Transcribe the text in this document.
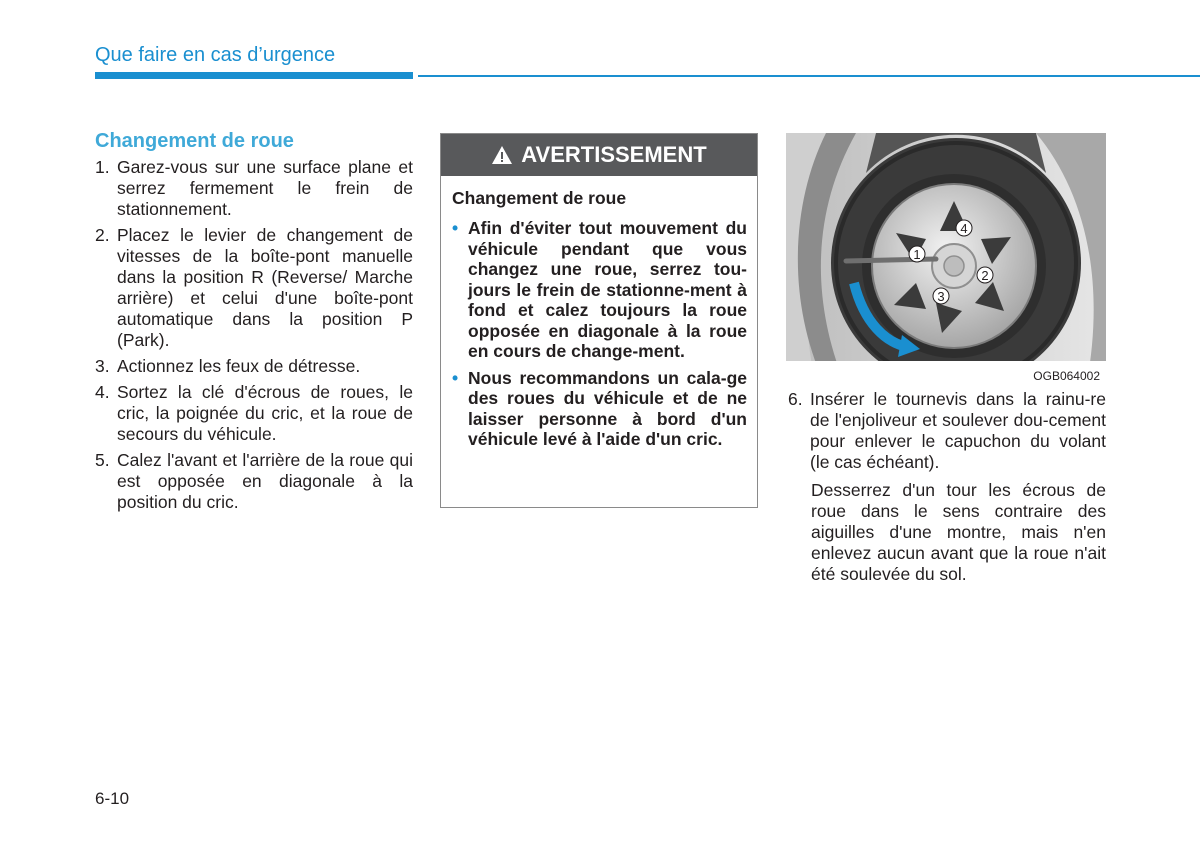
Que faire en cas d’urgence
Changement de roue
1. Garez-vous sur une surface plane et serrez fermement le frein de stationnement.
2. Placez le levier de changement de vitesses de la boîte-pont manuelle dans la position R (Reverse/ Marche arrière) et celui d'une boîte-pont automatique dans la position P (Park).
3. Actionnez les feux de détresse.
4. Sortez la clé d'écrous de roues, le cric, la poignée du cric, et la roue de secours du véhicule.
5. Calez l'avant et l'arrière de la roue qui est opposée en diagonale à la position du cric.
AVERTISSEMENT

Changement de roue

• Afin d'éviter tout mouvement du véhicule pendant que vous changez une roue, serrez tou-jours le frein de stationne-ment à fond et calez toujours la roue opposée en diagonale à la roue en cours de change-ment.
• Nous recommandons un cala-ge des roues du véhicule et de ne laisser personne à bord d'un véhicule levé à l'aide d'un cric.
1
2
3
4
OGB064002
6. Insérer le tournevis dans la rainu-re de l'enjoliveur et soulever dou-cement pour enlever le capuchon du volant (le cas échéant).

Desserrez d'un tour les écrous de roue dans le sens contraire des aiguilles d'une montre, mais n'en enlevez aucun avant que la roue n'ait été soulevée du sol.

6-10
